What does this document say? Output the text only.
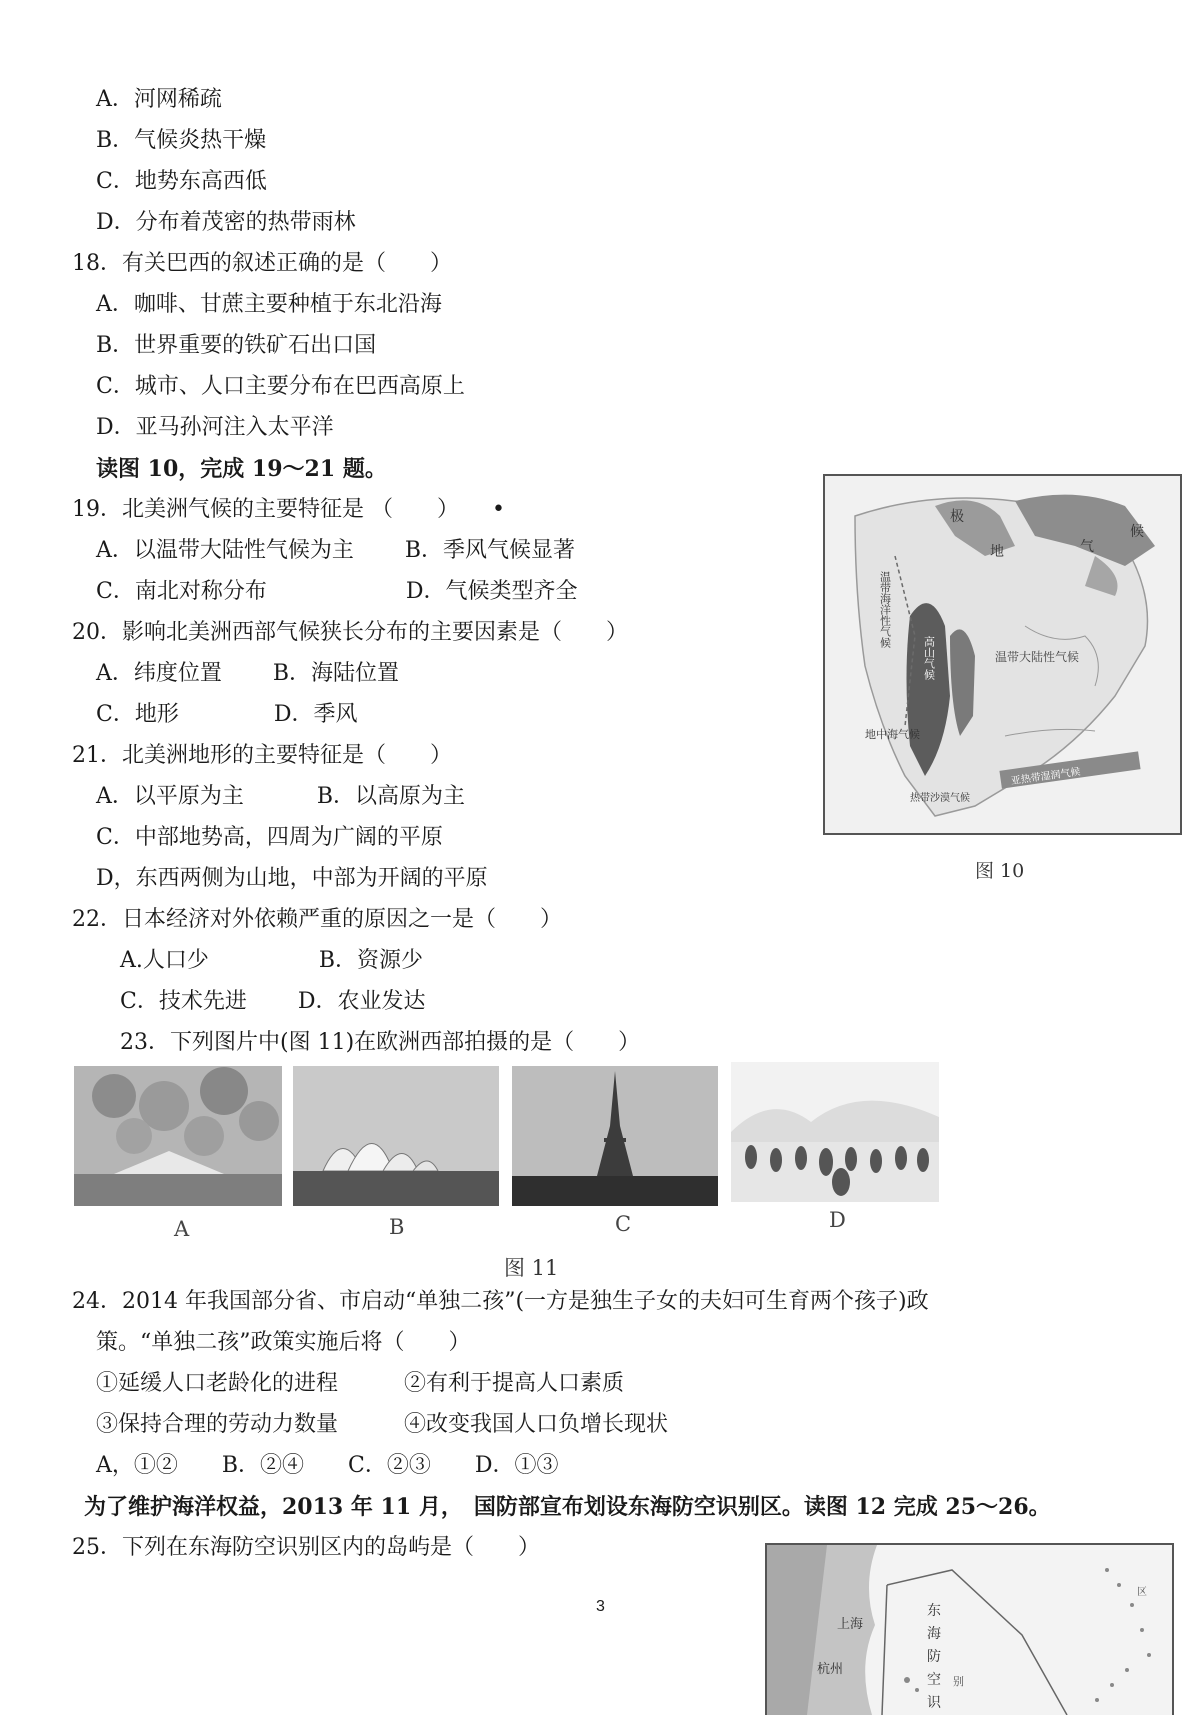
A．河网稀疏
B．气候炎热干燥
C．地势东高西低
D．分布着茂密的热带雨林
18．有关巴西的叙述正确的是（　　）
A．咖啡、甘蔗主要种植于东北沿海
B．世界重要的铁矿石出口国
C．城市、人口主要分布在巴西高原上
D．亚马孙河注入太平洋
读图 10，完成 19～21 题。
19．北美洲气候的主要特征是 （　　）　　•
A．以温带大陆性气候为主　　 B．季风气候显著
C．南北对称分布　　　　　　 D．气候类型齐全
20．影响北美洲西部气候狭长分布的主要因素是（　　）
A．纬度位置　　 B．海陆位置
C．地形　　　　 D．季风
21．北美洲地形的主要特征是（　　）
A．以平原为主　　　 B．以高原为主
C．中部地势高，四周为广阔的平原
D，东西两侧为山地，中部为开阔的平原
22．日本经济对外依赖严重的原因之一是（　　）
A.人口少　　　　　B．资源少
C．技术先进　　 D．农业发达
23．下列图片中(图 11)在欧洲西部拍摄的是（　　）
24．2014 年我国部分省、市启动“单独二孩”(一方是独生子女的夫妇可生育两个孩子)政
策。“单独二孩”政策实施后将（　　）
①延缓人口老龄化的进程　　　②有利于提高人口素质
③保持合理的劳动力数量　　　④改变我国人口负增长现状
A，①②　　B．②④　　C．②③　　D．①③
为了维护海洋权益，2013 年 11 月，　国防部宣布划设东海防空识别区。读图 12 完成 25～26。
25．下列在东海防空识别区内的岛屿是（　　）
极
地	气
候
温带海洋性气候
高山气候	温带大陆性气候
地中海气候
热带沙漠气候
亚热带湿润气候
图 10
A	B	C	D
图 11
上海
杭州
东
海
防
空
识
别
区
3
